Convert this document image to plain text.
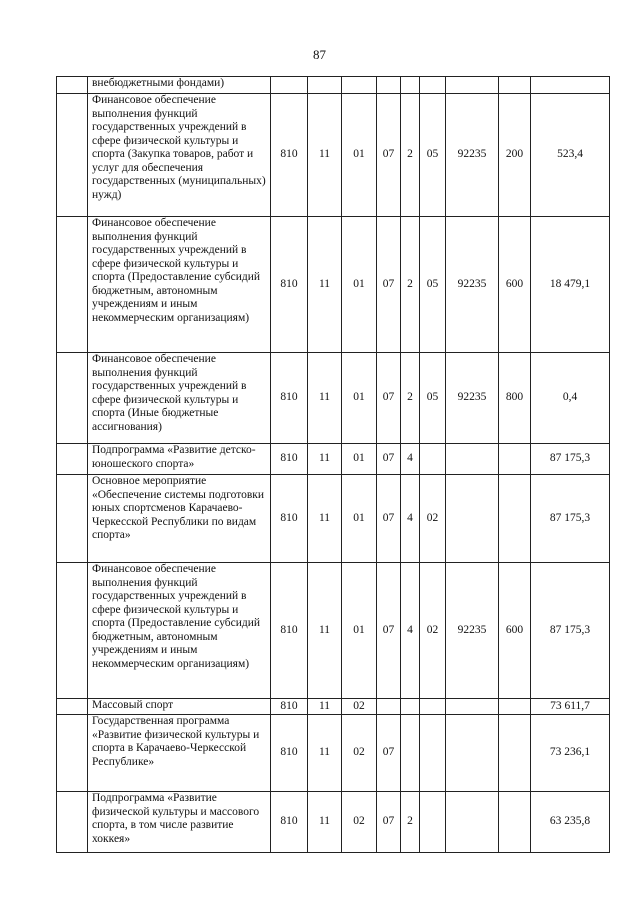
87
	внебюджетными фондами)									
	Финансовое обеспечение выполнения функций государственных учреждений в сфере физической культуры и спорта (Закупка товаров, работ и услуг для обеспечения государственных (муниципальных) нужд)	810	11	01	07	2	05	92235	200	523,4
	Финансовое обеспечение выполнения функций государственных учреждений в сфере физической культуры и спорта (Предоставление субсидий бюджетным, автономным учреждениям и иным некоммерческим организациям)	810	11	01	07	2	05	92235	600	18 479,1
	Финансовое обеспечение выполнения функций государственных учреждений в сфере физической культуры и спорта (Иные бюджетные ассигнования)	810	11	01	07	2	05	92235	800	0,4
	Подпрограмма «Развитие детско-юношеского спорта»	810	11	01	07	4				87 175,3
	Основное мероприятие «Обеспечение системы подготовки юных спортсменов Карачаево-Черкесской Республики по видам спорта»	810	11	01	07	4	02			87 175,3
	Финансовое обеспечение выполнения функций государственных учреждений в сфере физической культуры и спорта (Предоставление субсидий бюджетным, автономным учреждениям и иным некоммерческим организациям)	810	11	01	07	4	02	92235	600	87 175,3
	Массовый спорт	810	11	02						73 611,7
	Государственная программа «Развитие физической культуры и спорта в Карачаево-Черкесской Республике»	810	11	02	07					73 236,1
	Подпрограмма «Развитие физической культуры и массового спорта, в том числе развитие хоккея»	810	11	02	07	2				63 235,8
